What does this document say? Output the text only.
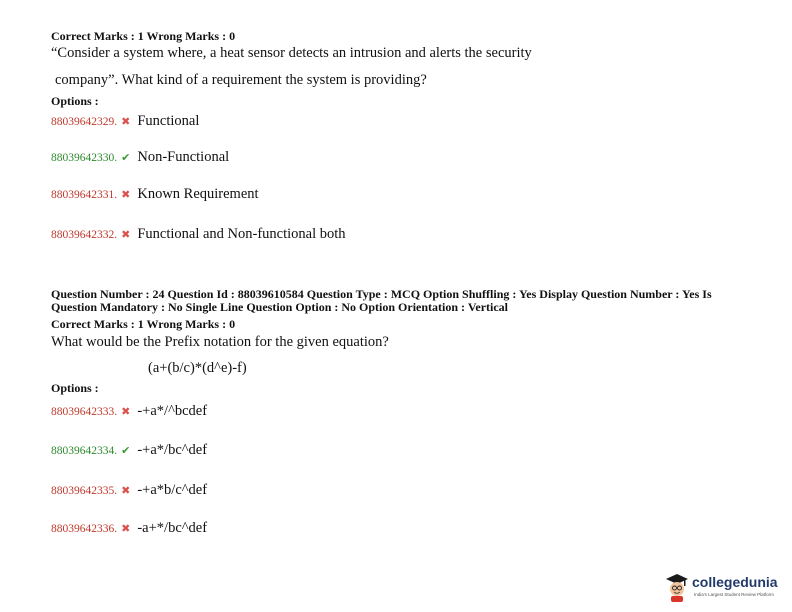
Correct Marks : 1 Wrong Marks : 0
“Consider a system where, a heat sensor detects an intrusion and alerts the security
company”. What kind of a requirement the system is providing?
Options :
88039642329. ✖ Functional
88039642330. ✔ Non-Functional
88039642331. ✖ Known Requirement
88039642332. ✖ Functional and Non-functional both
Question Number : 24 Question Id : 88039610584 Question Type : MCQ Option Shuffling : Yes Display Question Number : Yes Is
Question Mandatory : No Single Line Question Option : No Option Orientation : Vertical
Correct Marks : 1 Wrong Marks : 0
What would be the Prefix notation for the given equation?
(a+(b/c)*(d^e)-f)
Options :
88039642333. ✖ -+a*/^bcdef
88039642334. ✔ -+a*/bc^def
88039642335. ✖ -+a*b/c^def
88039642336. ✖ -a+*/bc^def
collegedunia
India's Largest Student Review Platform
